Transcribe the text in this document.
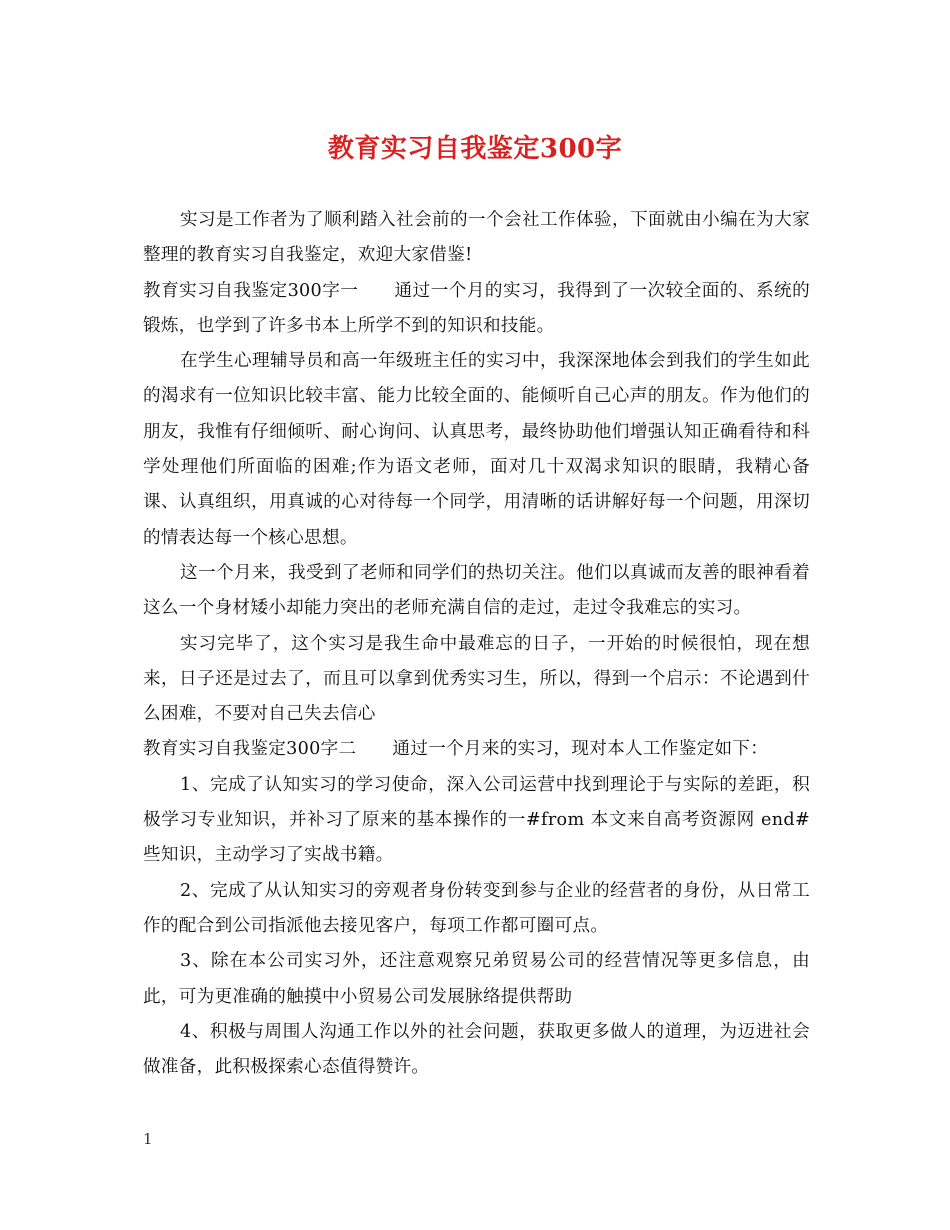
教育实习自我鉴定300字

实习是工作者为了顺利踏入社会前的一个会社工作体验，下面就由小编在为大家整理的教育实习自我鉴定，欢迎大家借鉴!

教育实习自我鉴定300字一 通过一个月的实习，我得到了一次较全面的、系统的锻炼，也学到了许多书本上所学不到的知识和技能。

在学生心理辅导员和高一年级班主任的实习中，我深深地体会到我们的学生如此的渴求有一位知识比较丰富、能力比较全面的、能倾听自己心声的朋友。作为他们的朋友，我惟有仔细倾听、耐心询问、认真思考，最终协助他们增强认知正确看待和科学处理他们所面临的困难;作为语文老师，面对几十双渴求知识的眼睛，我精心备课、认真组织，用真诚的心对待每一个同学，用清晰的话讲解好每一个问题，用深切的情表达每一个核心思想。

这一个月来，我受到了老师和同学们的热切关注。他们以真诚而友善的眼神看着这么一个身材矮小却能力突出的老师充满自信的走过，走过令我难忘的实习。

实习完毕了，这个实习是我生命中最难忘的日子，一开始的时候很怕，现在想来，日子还是过去了，而且可以拿到优秀实习生，所以，得到一个启示：不论遇到什么困难，不要对自己失去信心

教育实习自我鉴定300字二 通过一个月来的实习，现对本人工作鉴定如下：

1、完成了认知实习的学习使命，深入公司运营中找到理论于与实际的差距，积极学习专业知识，并补习了原来的基本操作的一#from 本文来自高考资源网 end#些知识，主动学习了实战书籍。

2、完成了从认知实习的旁观者身份转变到参与企业的经营者的身份，从日常工作的配合到公司指派他去接见客户，每项工作都可圈可点。

3、除在本公司实习外，还注意观察兄弟贸易公司的经营情况等更多信息，由此，可为更准确的触摸中小贸易公司发展脉络提供帮助

4、积极与周围人沟通工作以外的社会问题，获取更多做人的道理，为迈进社会做准备，此积极探索心态值得赞许。

1
